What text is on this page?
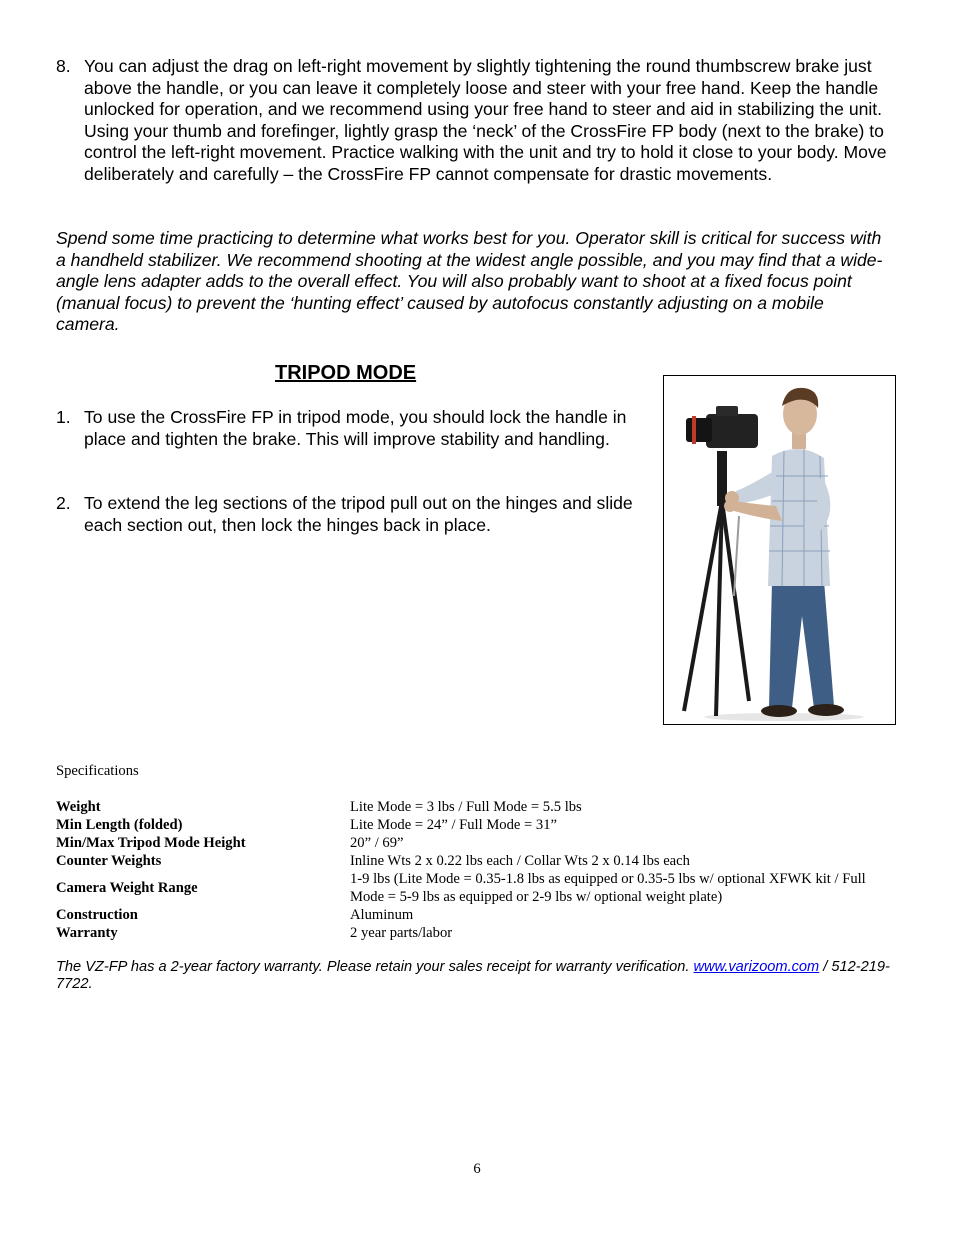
8. You can adjust the drag on left-right movement by slightly tightening the round thumbscrew brake just above the handle, or you can leave it completely loose and steer with your free hand. Keep the handle unlocked for operation, and we recommend using your free hand to steer and aid in stabilizing the unit. Using your thumb and forefinger, lightly grasp the ‘neck’ of the CrossFire FP body (next to the brake) to control the left-right movement. Practice walking with the unit and try to hold it close to your body. Move deliberately and carefully – the CrossFire FP cannot compensate for drastic movements.
Spend some time practicing to determine what works best for you. Operator skill is critical for success with a handheld stabilizer. We recommend shooting at the widest angle possible, and you may find that a wide-angle lens adapter adds to the overall effect. You will also probably want to shoot at a fixed focus point (manual focus) to prevent the ‘hunting effect’ caused by autofocus constantly adjusting on a mobile camera.
TRIPOD MODE
1. To use the CrossFire FP in tripod mode, you should lock the handle in place and tighten the brake. This will improve stability and handling.
2. To extend the leg sections of the tripod pull out on the hinges and slide each section out, then lock the hinges back in place.
Specifications
Weight	Lite Mode = 3 lbs / Full Mode = 5.5 lbs
Min Length (folded)	Lite Mode = 24” / Full Mode = 31”
Min/Max Tripod Mode Height	20” / 69”
Counter Weights	Inline Wts 2 x 0.22 lbs each / Collar Wts 2 x 0.14 lbs each
Camera Weight Range	1-9 lbs (Lite Mode = 0.35-1.8 lbs as equipped or 0.35-5 lbs w/ optional XFWK kit / Full Mode = 5-9 lbs as equipped or 2-9 lbs w/ optional weight plate)
Construction	Aluminum
Warranty	2 year parts/labor
The VZ-FP has a 2-year factory warranty. Please retain your sales receipt for warranty verification. www.varizoom.com / 512-219-7722.
6
